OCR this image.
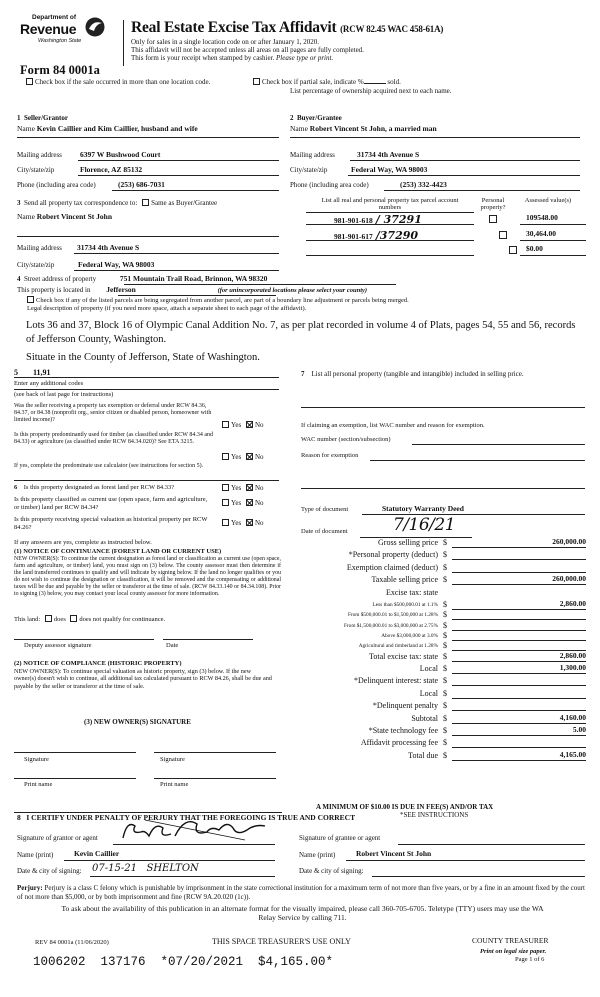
Department of
Revenue
Washington State
Real Estate Excise Tax Affidavit (RCW 82.45 WAC 458-61A)
Only for sales in a single location code on or after January 1, 2020.
This affidavit will not be accepted unless all areas on all pages are fully completed.
This form is your receipt when stamped by cashier. Please type or print.
Form 84 0001a
Check box if the sale occurred in more than one location code.	Check box if partial sale, indicate %	sold.
List percentage of ownership acquired next to each name.
1 Seller/Grantor
Name Kevin Caillier and Kim Caillier, husband and wife
Mailing address 6397 W Bushwood Court
City/state/zip	Florence, AZ 85132
Phone (including area code)	(253) 686-7031
2 Buyer/Grantee
Name Robert Vincent St John, a married man
Mailing address	31734 4th Avenue S
City/state/zip	Federal Way, WA 98003
Phone (including area code)	(253) 332-4423
3 Send all property tax correspondence to: Same as Buyer/Grantee
Name Robert Vincent St John
Mailing address 31734 4th Avenue S
City/state/zip	Federal Way, WA 98003
List all real and personal property tax parcel account numbers
Personal property?
Assessed value(s)
981-901-618 / 37291	109548.00
981-901-617 /37290	30,464.00
$0.00
4 Street address of property	751 Mountain Trail Road, Brinnon, WA 98320
This property is located in Jefferson	(for unincorporated locations please select your county)
Check box if any of the listed parcels are being segregated from another parcel, are part of a boundary line adjustment or parcels being merged.
Legal description of property (if you need more space, attach a separate sheet to each page of the affidavit).
Lots 36 and 37, Block 16 of Olympic Canal Addition No. 7, as per plat recorded in volume 4 of Plats, pages 54, 55 and 56, records of Jefferson County, Washington.
Situate in the County of Jefferson, State of Washington.
5 11,91
Enter any additional codes
(see back of last page for instructions)
Was the seller receiving a property tax exemption or deferral under RCW 84.36, 84.37, or 84.38 (nonprofit org., senior citizen or disabled person, homeowner with limited income)?
Yes No
Is this property predominantly used for timber (as classified under RCW 84.34 and 84.33) or agriculture (as classified under RCW 84.34.020)? See ETA 3215.
Yes No
If yes, complete the predominate use calculator (see instructions for section 5).
6 Is this property designated as forest land per RCW 84.33?	Yes No
Is this property classified as current use (open space, farm and agriculture, or timber) land per RCW 84.34?
Yes No
Is this property receiving special valuation as historical property per RCW 84.26?
Yes No
If any answers are yes, complete as instructed below.
(1) NOTICE OF CONTINUANCE (FOREST LAND OR CURRENT USE)
NEW OWNER(S): To continue the current designation as forest land or classification as current use (open space, farm and agriculture, or timber) land, you must sign on (3) below. The county assessor must then determine if the land transferred continues to qualify and will indicate by signing below. If the land no longer qualifies or you do not wish to continue the designation or classification, it will be removed and the compensating or additional taxes will be due and payable by the seller or transferor at the time of sale. (RCW 84.33.140 or 84.34.108). Prior to signing (3) below, you may contact your local county assessor for more information.
This land: does does not qualify for continuance.
Deputy assessor signature	Date
(2) NOTICE OF COMPLIANCE (HISTORIC PROPERTY)
NEW OWNER(S): To continue special valuation as historic property, sign (3) below. If the new owner(s) doesn't wish to continue, all additional tax calculated pursuant to RCW 84.26, shall be due and payable by the seller or transferor at the time of sale.
(3) NEW OWNER(S) SIGNATURE
Signature	Signature
Print name	Print name
7 List all personal property (tangible and intangible) included in selling price.
If claiming an exemption, list WAC number and reason for exemption.
WAC number (section/subsection)
Reason for exemption
Type of document	Statutory Warranty Deed
Date of document	7/16/21
Gross selling price $	260,000.00
*Personal property (deduct) $
Exemption claimed (deduct) $
Taxable selling price $	260,000.00
Excise tax: state
Less than $500,000.01 at 1.1% $	2,860.00
From $500,000.01 to $1,500,000 at 1.28% $
From $1,500,000.01 to $3,000,000 at 2.75% $
Above $3,000,000 at 3.0% $
Agricultural and timberland at 1.28% $
Total excise tax: state $	2,860.00
Local $	1,300.00
*Delinquent interest: state $
Local $
*Delinquent penalty $
Subtotal $	4,160.00
*State technology fee $	5.00
Affidavit processing fee $
Total due $	4,165.00
A MINIMUM OF $10.00 IS DUE IN FEE(S) AND/OR TAX
*SEE INSTRUCTIONS
8 I CERTIFY UNDER PENALTY OF PERJURY THAT THE FOREGOING IS TRUE AND CORRECT
Signature of grantor or agent	Signature of grantee or agent
Name (print)	Kevin Caillier	Name (print)	Robert Vincent St John
Date & city of signing: 07-15-21 SHELTON	Date & city of signing:
Perjury: Perjury is a class C felony which is punishable by imprisonment in the state correctional institution for a maximum term of not more than five years, or by a fine in an amount fixed by the court of not more than $5,000, or by both imprisonment and fine (RCW 9A.20.020 (1c)).
To ask about the availability of this publication in an alternate format for the visually impaired, please call 360-705-6705. Teletype (TTY) users may use the WA Relay Service by calling 711.
REV 84 0001a (11/06/2020)	THIS SPACE TREASURER'S USE ONLY	COUNTY TREASURER
Print on legal size paper.
Page 1 of 6
1006202  137176  *07/20/2021  $4,165.00*
